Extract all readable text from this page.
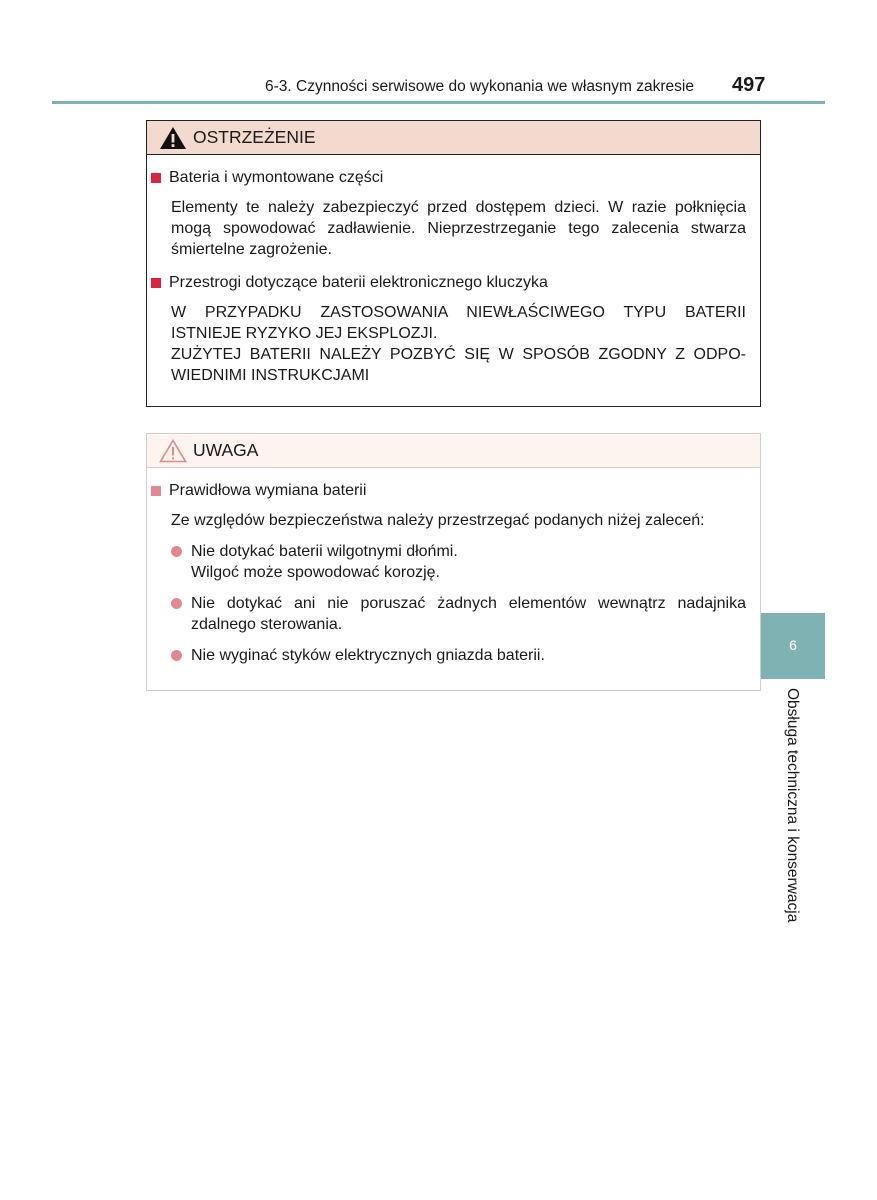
6-3. Czynności serwisowe do wykonania we własnym zakresie 497
OSTRZEŻENIE
Bateria i wymontowane części
Elementy te należy zabezpieczyć przed dostępem dzieci. W razie połknięcia mogą spowodować zadławienie. Nieprzestrzeganie tego zalecenia stwarza śmiertelne zagrożenie.
Przestrogi dotyczące baterii elektronicznego kluczyka
W PRZYPADKU ZASTOSOWANIA NIEWŁAŚCIWEGO TYPU BATERII ISTNIEJE RYZYKO JEJ EKSPLOZJI.
ZUŻYTEJ BATERII NALEŻY POZBYĆ SIĘ W SPOSÓB ZGODNY Z ODPO-WIEDNIMI INSTRUKCJAMI
UWAGA
Prawidłowa wymiana baterii
Ze względów bezpieczeństwa należy przestrzegać podanych niżej zaleceń:
Nie dotykać baterii wilgotnymi dłońmi.
Wilgoć może spowodować korozję.
Nie dotykać ani nie poruszać żadnych elementów wewnątrz nadajnika zdalnego sterowania.
Nie wyginać styków elektrycznych gniazda baterii.
6
Obsługa techniczna i konserwacja
